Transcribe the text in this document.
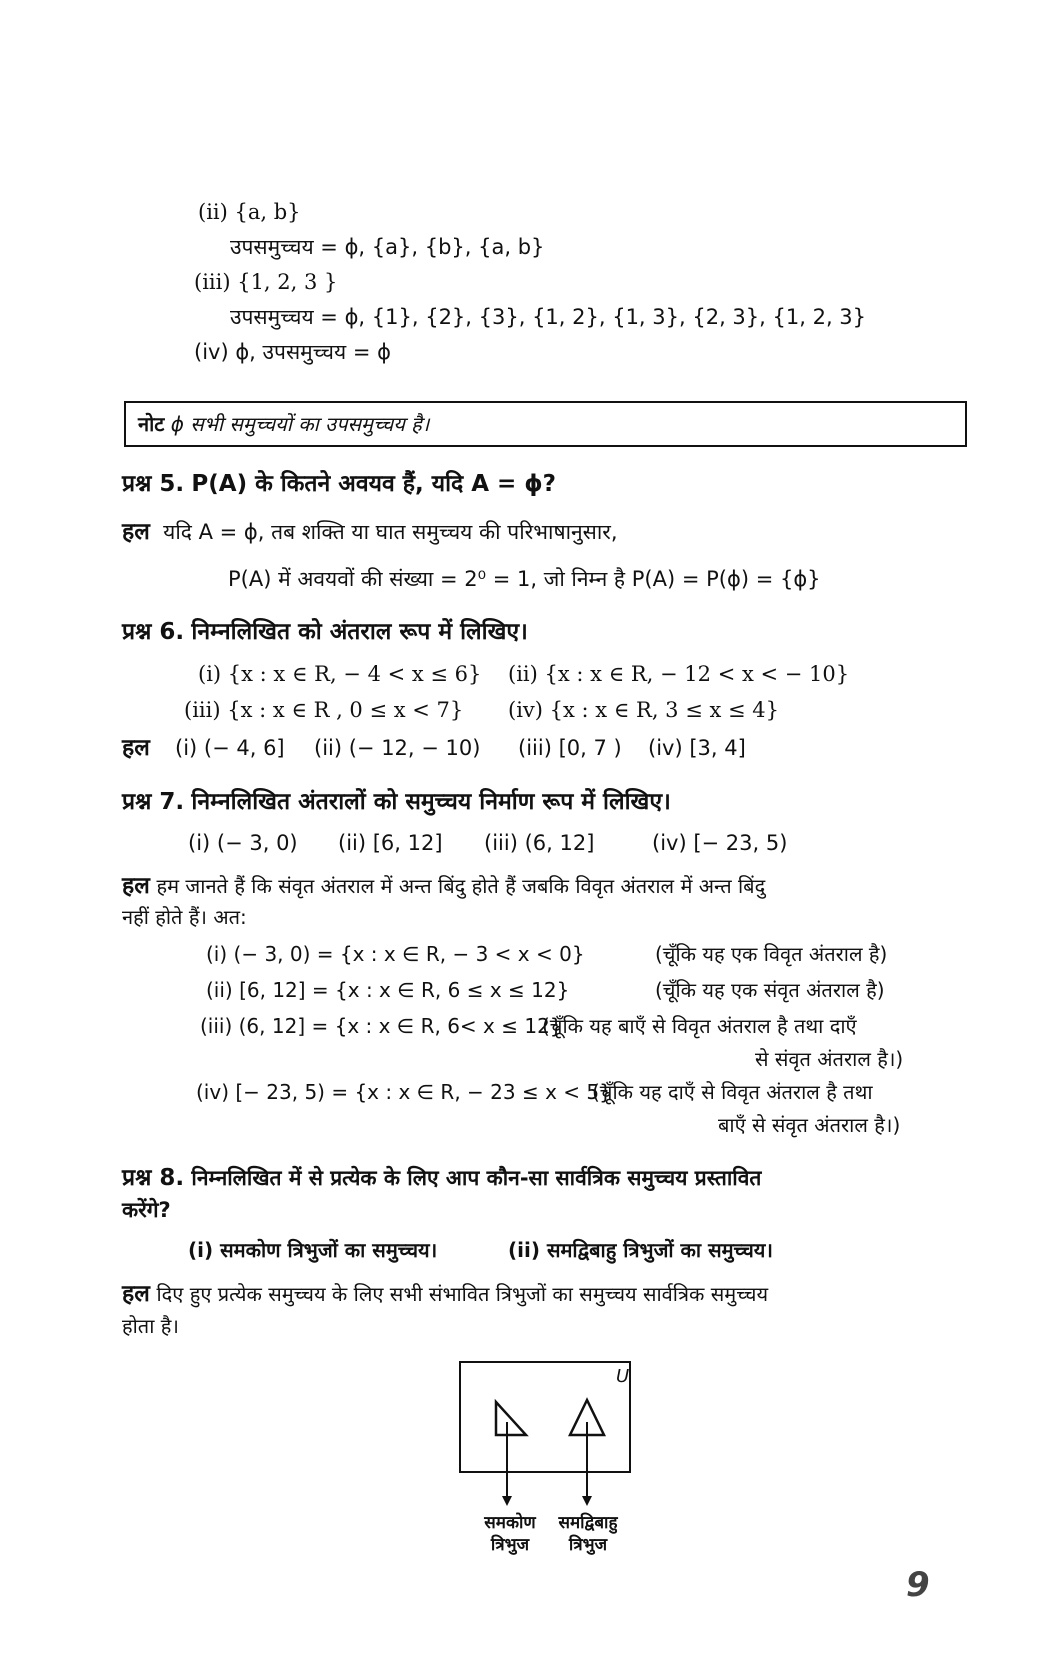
(ii) {a, b}
उपसमुच्चय = ϕ, {a}, {b}, {a, b}
(iii) {1, 2, 3 }
उपसमुच्चय = ϕ, {1}, {2}, {3}, {1, 2}, {1, 3}, {2, 3}, {1, 2, 3}
(iv) ϕ, उपसमुच्चय = ϕ
नोट ϕ सभी समुच्चयों का उपसमुच्चय है।
प्रश्न 5. P(A) के कितने अवयव हैं, यदि A = ϕ?
हल यदि A = ϕ, तब शक्ति या घात समुच्चय की परिभाषानुसार,
P(A) में अवयवों की संख्या = 2⁰ = 1, जो निम्न है P(A) = P(ϕ) = {ϕ}
प्रश्न 6. निम्नलिखित को अंतराल रूप में लिखिए।
(i) {x : x ∈ R, − 4 < x ≤ 6} (ii) {x : x ∈ R, − 12 < x < − 10}
(iii) {x : x ∈ R , 0 ≤ x < 7} (iv) {x : x ∈ R, 3 ≤ x ≤ 4}
हल (i) (− 4, 6] (ii) (− 12, − 10) (iii) [0, 7 ) (iv) [3, 4]
प्रश्न 7. निम्नलिखित अंतरालों को समुच्चय निर्माण रूप में लिखिए।
(i) (− 3, 0) (ii) [6, 12] (iii) (6, 12]	(iv) [− 23, 5)
हल हम जानते हैं कि संवृत अंतराल में अन्त बिंदु होते हैं जबकि विवृत अंतराल में अन्त बिंदु
नहीं होते हैं। अत:
(i) (− 3, 0) = {x : x ∈ R, − 3 < x < 0}	(चूँकि यह एक विवृत अंतराल है)
(ii) [6, 12] = {x : x ∈ R, 6 ≤ x ≤ 12}	(चूँकि यह एक संवृत अंतराल है)
(iii) (6, 12] = {x : x ∈ R, 6< x ≤ 12}
(चूँकि यह बाएँ से विवृत अंतराल है तथा दाएँ
से संवृत अंतराल है।)
(iv) [− 23, 5) = {x : x ∈ R, − 23 ≤ x < 5}
(चूँकि यह दाएँ से विवृत अंतराल है तथा
बाएँ से संवृत अंतराल है।)
प्रश्न 8. निम्नलिखित में से प्रत्येक के लिए आप कौन-सा सार्वत्रिक समुच्चय प्रस्तावित
करेंगे?
(i) समकोण त्रिभुजों का समुच्चय।	(ii) समद्विबाहु त्रिभुजों का समुच्चय।
हल दिए हुए प्रत्येक समुच्चय के लिए सभी संभावित त्रिभुजों का समुच्चय सार्वत्रिक समुच्चय
होता है।
U
समकोण
त्रिभुज
समद्विबाहु
त्रिभुज
9
